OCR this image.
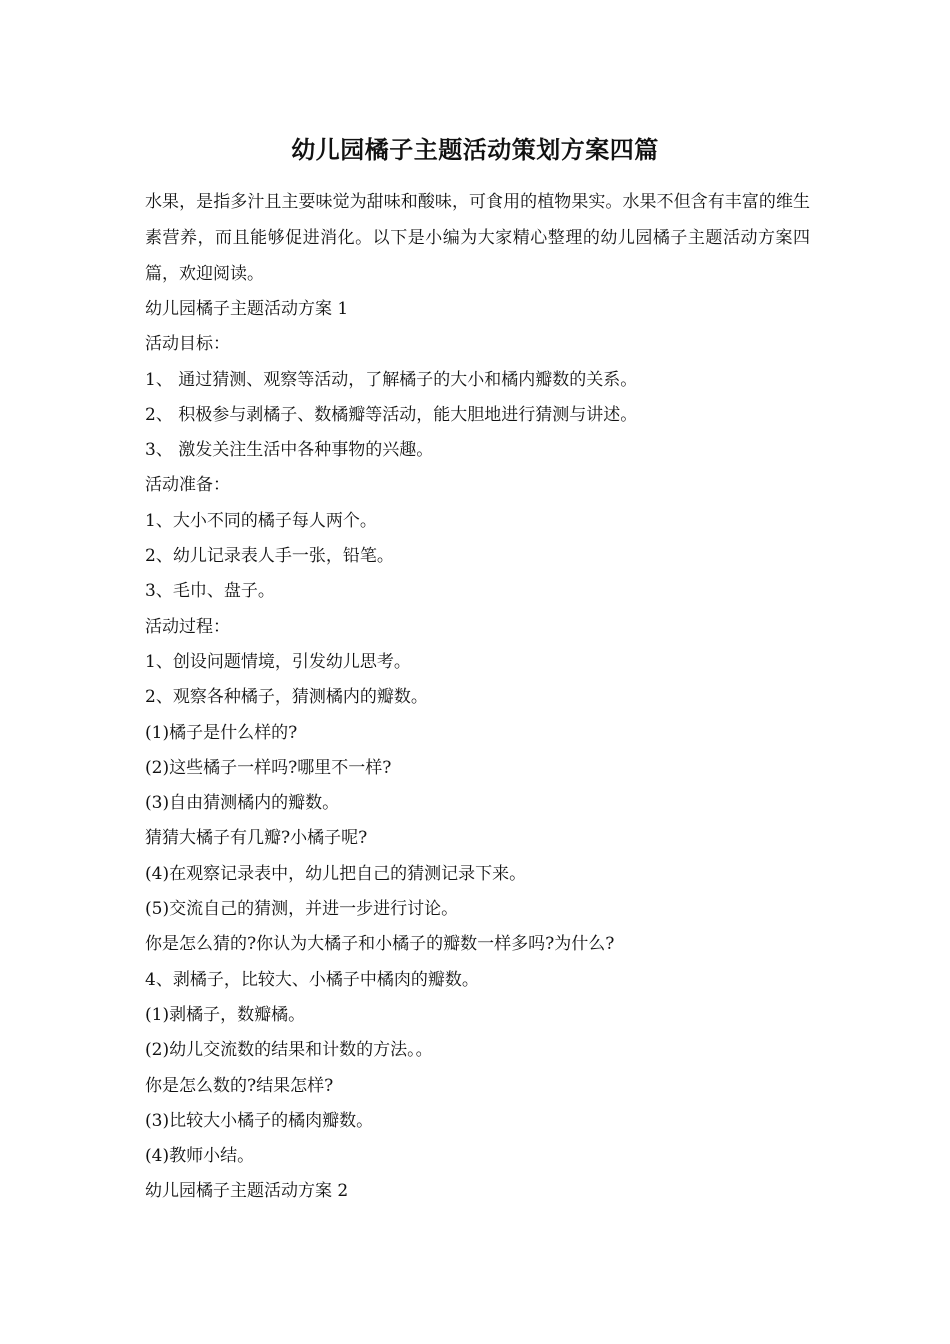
幼儿园橘子主题活动策划方案四篇
水果，是指多汁且主要味觉为甜味和酸味，可食用的植物果实。水果不但含有丰富的维生素营养，而且能够促进消化。以下是小编为大家精心整理的幼儿园橘子主题活动方案四篇，欢迎阅读。
幼儿园橘子主题活动方案 1
活动目标：
1、 通过猜测、观察等活动，了解橘子的大小和橘内瓣数的关系。
2、 积极参与剥橘子、数橘瓣等活动，能大胆地进行猜测与讲述。
3、 激发关注生活中各种事物的兴趣。
活动准备：
1、大小不同的橘子每人两个。
2、幼儿记录表人手一张，铅笔。
3、毛巾、盘子。
活动过程：
1、创设问题情境，引发幼儿思考。
2、观察各种橘子，猜测橘内的瓣数。
(1)橘子是什么样的?
(2)这些橘子一样吗?哪里不一样?
(3)自由猜测橘内的瓣数。
猜猜大橘子有几瓣?小橘子呢?
(4)在观察记录表中，幼儿把自己的猜测记录下来。
(5)交流自己的猜测，并进一步进行讨论。
你是怎么猜的?你认为大橘子和小橘子的瓣数一样多吗?为什么?
4、剥橘子，比较大、小橘子中橘肉的瓣数。
(1)剥橘子，数瓣橘。
(2)幼儿交流数的结果和计数的方法。。
你是怎么数的?结果怎样?
(3)比较大小橘子的橘肉瓣数。
(4)教师小结。
幼儿园橘子主题活动方案 2
